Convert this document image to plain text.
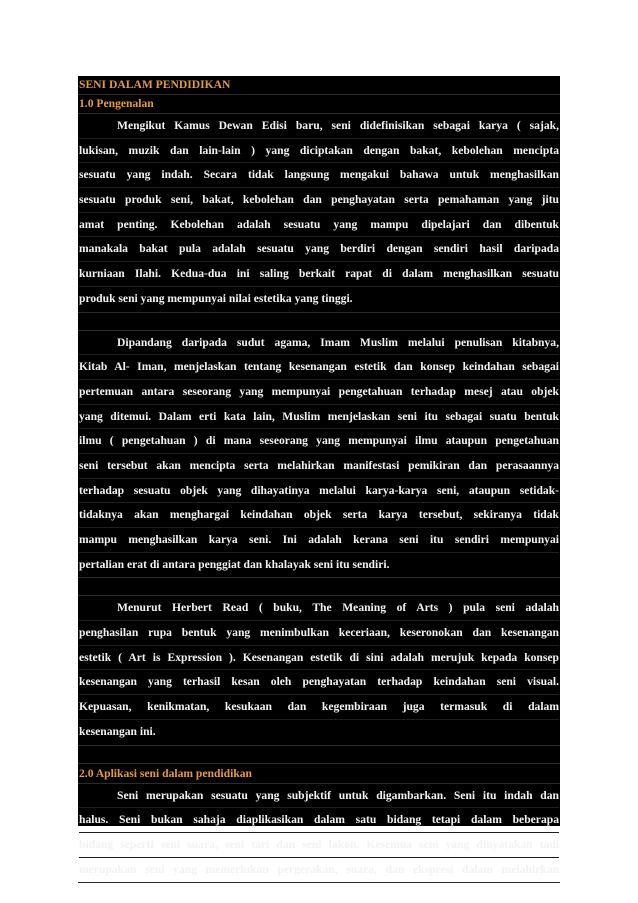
SENI DALAM PENDIDIKAN
1.0 Pengenalan
Mengikut Kamus Dewan Edisi baru, seni didefinisikan sebagai karya ( sajak,
lukisan, muzik dan lain-lain ) yang diciptakan dengan bakat, kebolehan mencipta
sesuatu yang indah. Secara tidak langsung mengakui bahawa untuk menghasilkan
sesuatu produk seni, bakat, kebolehan dan penghayatan serta pemahaman yang jitu
amat penting. Kebolehan adalah sesuatu yang mampu dipelajari dan dibentuk
manakala bakat pula adalah sesuatu yang berdiri dengan sendiri hasil daripada
kurniaan Ilahi. Kedua-dua ini saling berkait rapat di dalam menghasilkan sesuatu
produk seni yang mempunyai nilai estetika yang tinggi.
Dipandang daripada sudut agama, Imam Muslim melalui penulisan kitabnya,
Kitab Al- Iman, menjelaskan tentang kesenangan estetik dan konsep keindahan sebagai
pertemuan antara seseorang yang mempunyai pengetahuan terhadap mesej atau objek
yang ditemui. Dalam erti kata lain, Muslim menjelaskan seni itu sebagai suatu bentuk
ilmu ( pengetahuan ) di mana seseorang yang mempunyai ilmu ataupun pengetahuan
seni tersebut akan mencipta serta melahirkan manifestasi pemikiran dan perasaannya
terhadap sesuatu objek yang dihayatinya melalui karya-karya seni, ataupun setidak-
tidaknya akan menghargai keindahan objek serta karya tersebut, sekiranya tidak
mampu menghasilkan karya seni. Ini adalah kerana seni itu sendiri mempunyai
pertalian erat di antara penggiat dan khalayak seni itu sendiri.
Menurut Herbert Read ( buku, The Meaning of Arts ) pula seni adalah
penghasilan rupa bentuk yang menimbulkan keceriaan, keseronokan dan kesenangan
estetik ( Art is Expression ). Kesenangan estetik di sini adalah merujuk kepada konsep
kesenangan yang terhasil kesan oleh penghayatan terhadap keindahan seni visual.
Kepuasan, kenikmatan, kesukaan dan kegembiraan juga termasuk di dalam
kesenangan ini.
2.0 Aplikasi seni dalam pendidikan
Seni merupakan sesuatu yang subjektif untuk digambarkan. Seni itu indah dan
halus. Seni bukan sahaja diaplikasikan dalam satu bidang tetapi dalam beberapa
bidang seperti seni suara, seni tari dan seni lakon. Kesemua seni yang dinyatakan tadi
merupakan seni yang memerlukan pergerakan, suara, dan ekspresi dalam melahirkan
